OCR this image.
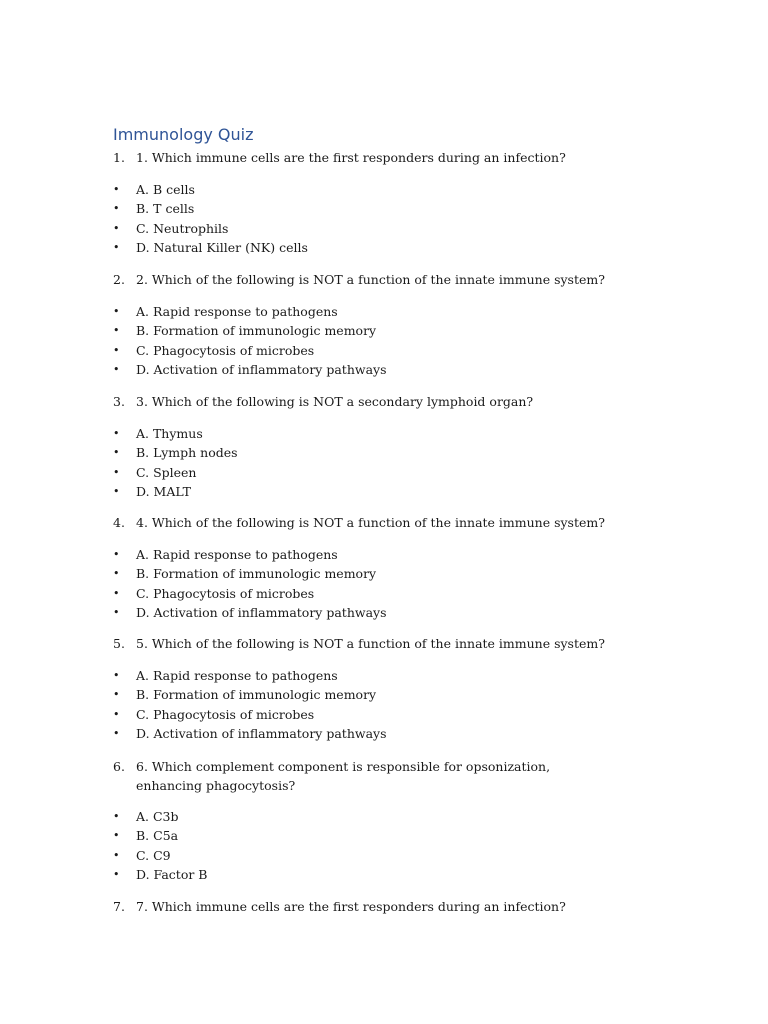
Immunology Quiz
1. 1. Which immune cells are the first responders during an infection?
• A. B cells
• B. T cells
• C. Neutrophils
• D. Natural Killer (NK) cells
2. 2. Which of the following is NOT a function of the innate immune system?
• A. Rapid response to pathogens
• B. Formation of immunologic memory
• C. Phagocytosis of microbes
• D. Activation of inflammatory pathways
3. 3. Which of the following is NOT a secondary lymphoid organ?
• A. Thymus
• B. Lymph nodes
• C. Spleen
• D. MALT
4. 4. Which of the following is NOT a function of the innate immune system?
• A. Rapid response to pathogens
• B. Formation of immunologic memory
• C. Phagocytosis of microbes
• D. Activation of inflammatory pathways
5. 5. Which of the following is NOT a function of the innate immune system?
• A. Rapid response to pathogens
• B. Formation of immunologic memory
• C. Phagocytosis of microbes
• D. Activation of inflammatory pathways
6. 6. Which complement component is responsible for opsonization, enhancing phagocytosis?
• A. C3b
• B. C5a
• C. C9
• D. Factor B
7. 7. Which immune cells are the first responders during an infection?
